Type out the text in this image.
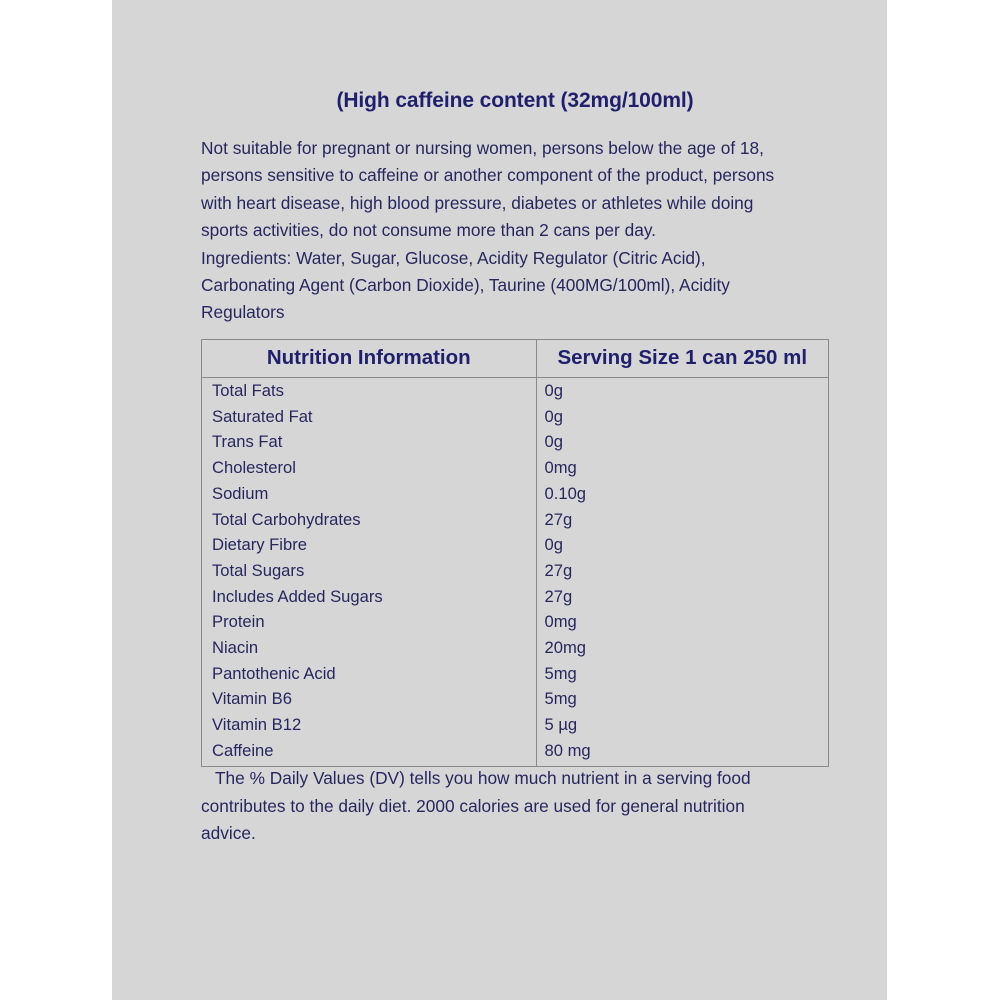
(High caffeine content (32mg/100ml)

Not suitable for pregnant or nursing women, persons below the age of 18, persons sensitive to caffeine or another component of the product, persons with heart disease, high blood pressure, diabetes or athletes while doing sports activities, do not consume more than 2 cans per day.

Ingredients: Water, Sugar, Glucose, Acidity Regulator (Citric Acid), Carbonating Agent (Carbon Dioxide), Taurine (400MG/100ml), Acidity Regulators

Nutrition Information	Serving Size 1 can 250 ml
Total Fats	0g
Saturated Fat	0g
Trans Fat	0g
Cholesterol	0mg
Sodium	0.10g
Total Carbohydrates	27g
Dietary Fibre	0g
Total Sugars	27g
Includes Added Sugars	27g
Protein	0mg
Niacin	20mg
Pantothenic Acid	5mg
Vitamin B6	5mg
Vitamin B12	5 µg
Caffeine	80 mg

The % Daily Values (DV) tells you how much nutrient in a serving food contributes to the daily diet. 2000 calories are used for general nutrition advice.
